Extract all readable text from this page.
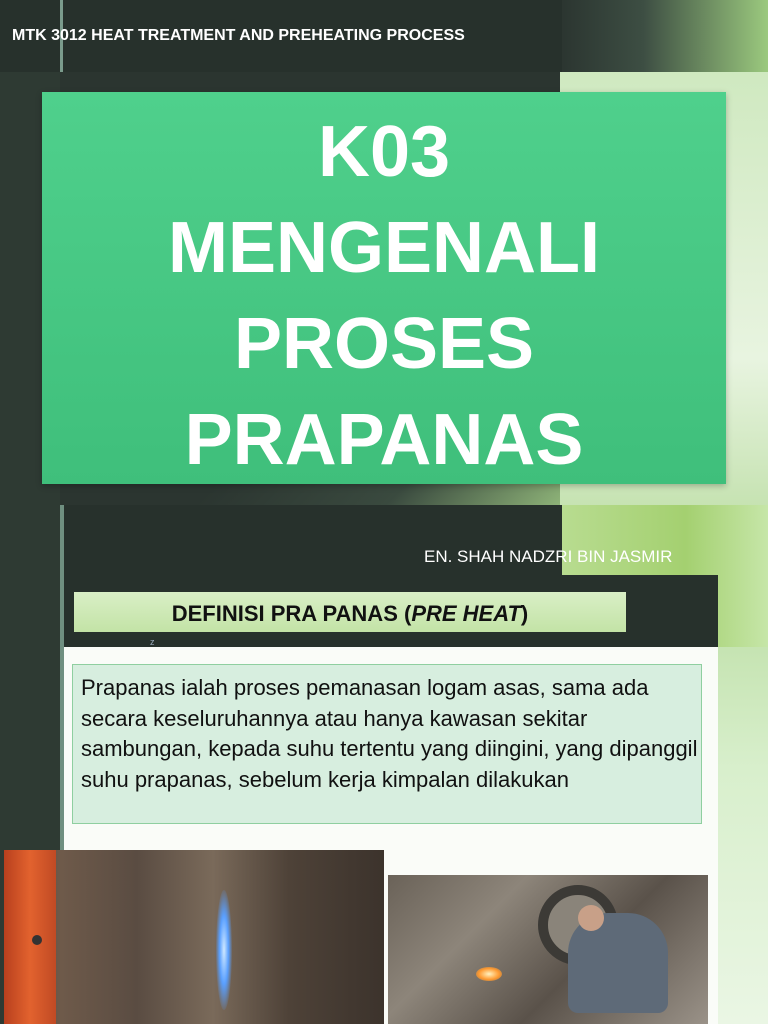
MTK 3012 HEAT TREATMENT AND PREHEATING PROCESS
K03
MENGENALI
PROSES
PRAPANAS
EN. SHAH NADZRI BIN JASMIR
DEFINISI PRA PANAS (PRE HEAT)
z
Prapanas ialah proses pemanasan logam asas, sama ada secara keseluruhannya atau hanya kawasan sekitar sambungan, kepada suhu tertentu yang diingini, yang dipanggil suhu prapanas, sebelum kerja kimpalan dilakukan
